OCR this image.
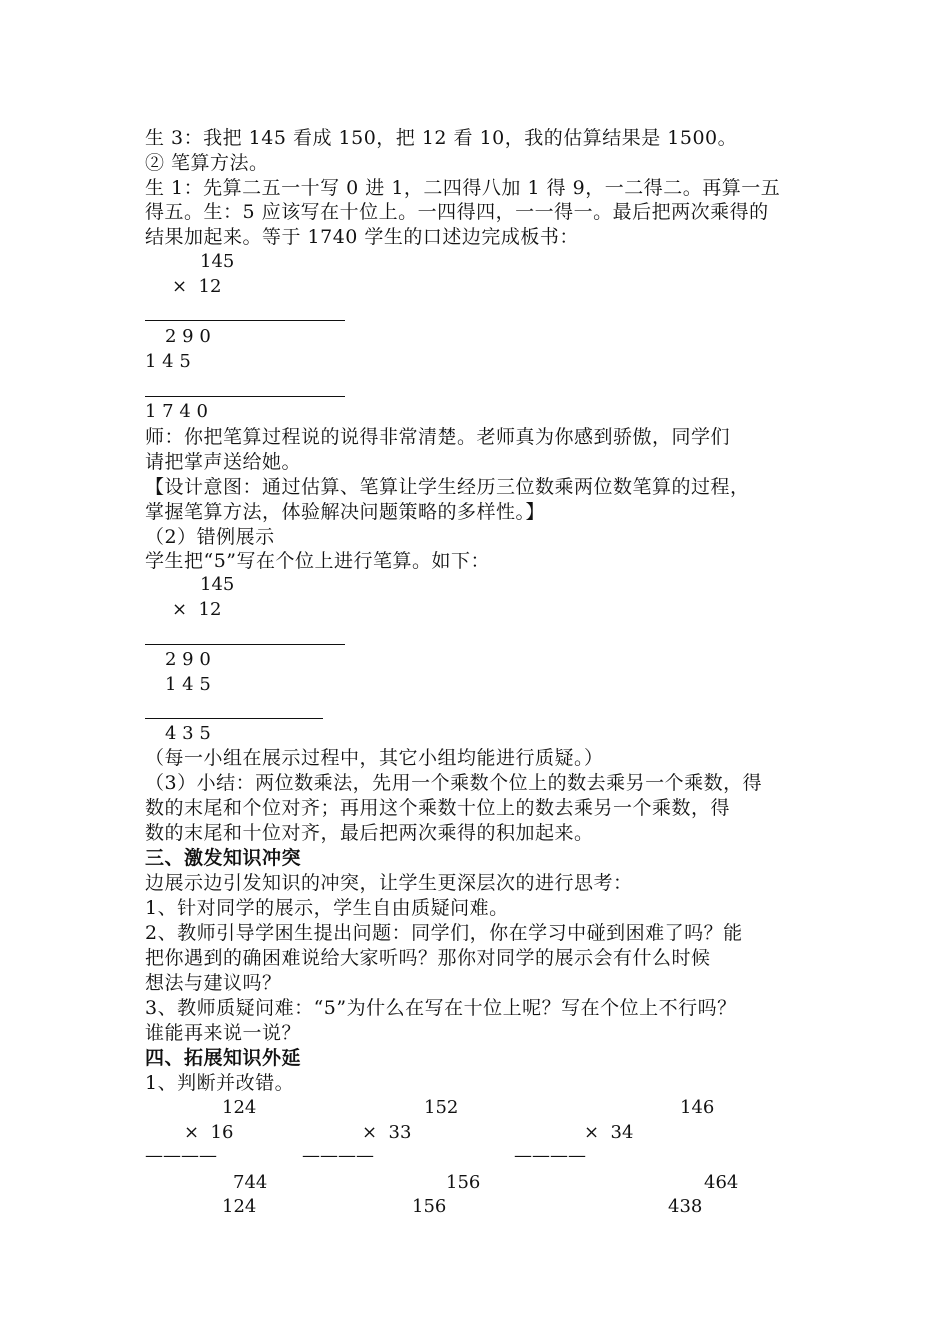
生 3：我把 145 看成 150，把 12 看 10，我的估算结果是 1500。
② 笔算方法。
生 1：先算二五一十写 0 进 1，二四得八加 1 得 9，一二得二。再算一五
得五。生：5 应该写在十位上。一四得四，一一得一。最后把两次乘得的
结果加起来。等于 1740 学生的口述边完成板书：
145
×  12
2 9 0
1 4 5
1 7 4 0
师：你把笔算过程说的说得非常清楚。老师真为你感到骄傲，同学们
请把掌声送给她。
【设计意图：通过估算、笔算让学生经历三位数乘两位数笔算的过程，
掌握笔算方法，体验解决问题策略的多样性。】
（2）错例展示
学生把“5”写在个位上进行笔算。如下：
145
×  12
2 9 0
1 4 5
4 3 5
（每一小组在展示过程中，其它小组均能进行质疑。）
（3）小结：两位数乘法，先用一个乘数个位上的数去乘另一个乘数，得
数的末尾和个位对齐；再用这个乘数十位上的数去乘另一个乘数，得
数的末尾和十位对齐，最后把两次乘得的积加起来。
三、激发知识冲突
边展示边引发知识的冲突，让学生更深层次的进行思考：
1、针对同学的展示，学生自由质疑问难。
2、教师引导学困生提出问题：同学们，你在学习中碰到困难了吗？能
把你遇到的确困难说给大家听吗？那你对同学的展示会有什么时候
想法与建议吗？
3、教师质疑问难：“5”为什么在写在十位上呢？写在个位上不行吗？
谁能再来说一说？
四、拓展知识外延
1、判断并改错。
124
×  16
————
744
124
152
×  33
————
156
156
146
×  34
————
464
438
